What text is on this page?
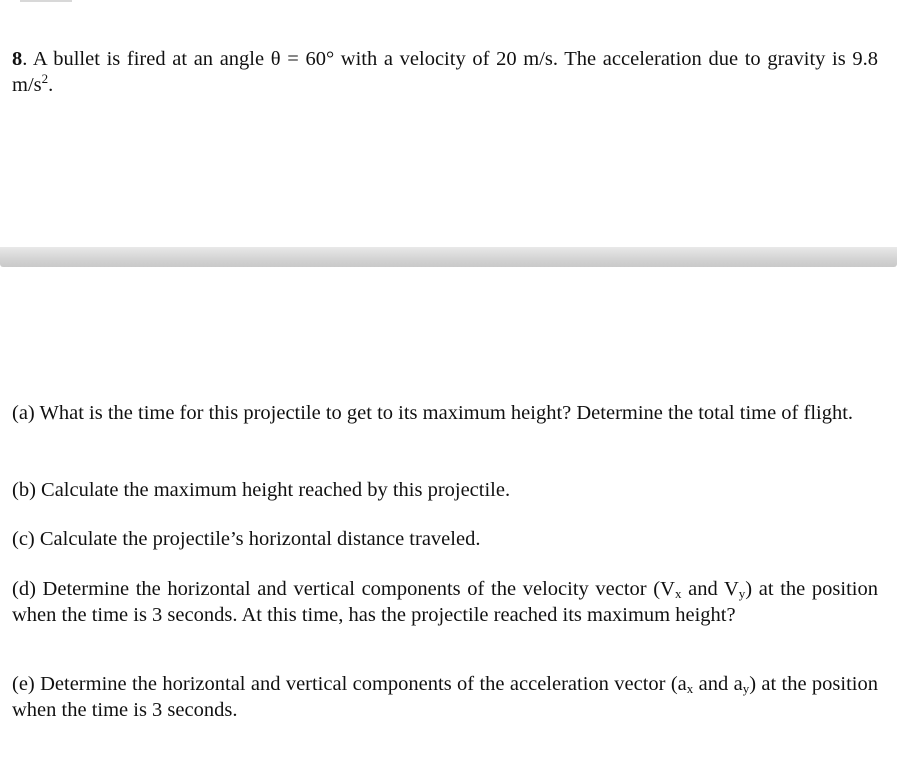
8. A bullet is fired at an angle θ = 60° with a velocity of 20 m/s. The acceleration due to gravity is 9.8 $m/s^2$.

(a) What is the time for this projectile to get to its maximum height? Determine the total time of flight.

(b) Calculate the maximum height reached by this projectile.

(c) Calculate the projectile’s horizontal distance traveled.

(d) Determine the horizontal and vertical components of the velocity vector ($V_x$ and $V_y$) at the position when the time is 3 seconds. At this time, has the projectile reached its maximum height?

(e) Determine the horizontal and vertical components of the acceleration vector ($a_x$ and $a_y$) at the position when the time is 3 seconds.
